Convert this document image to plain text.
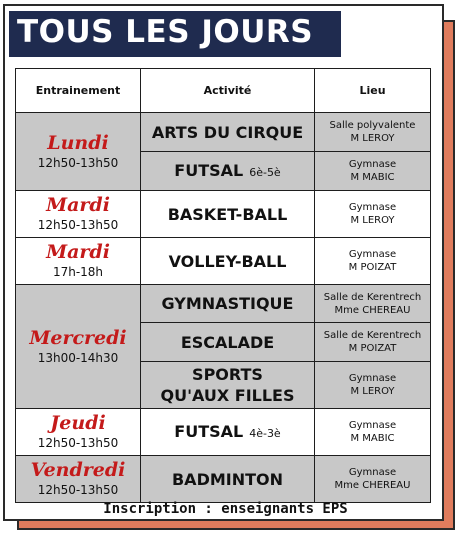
TOUS LES JOURS
Entrainement	Activité	Lieu

Lundi
12h50-13h50	ARTS DU CIRQUE	Salle polyvalente
M LEROY

	FUTSAL 6è-5è	Gymnase
M MABIC

Mardi
12h50-13h50	BASKET-BALL	Gymnase
M LEROY

Mardi
17h-18h	VOLLEY-BALL	Gymnase
M POIZAT

Mercredi
13h00-14h30	GYMNASTIQUE	Salle de Kerentrech
Mme CHEREAU

	ESCALADE	Salle de Kerentrech
M POIZAT

	SPORTS
QU'AUX FILLES	Gymnase
M LEROY

Jeudi
12h50-13h50	FUTSAL 4è-3è	Gymnase
M MABIC

Vendredi
12h50-13h50	BADMINTON	Gymnase
Mme CHEREAU
Inscription : enseignants EPS
